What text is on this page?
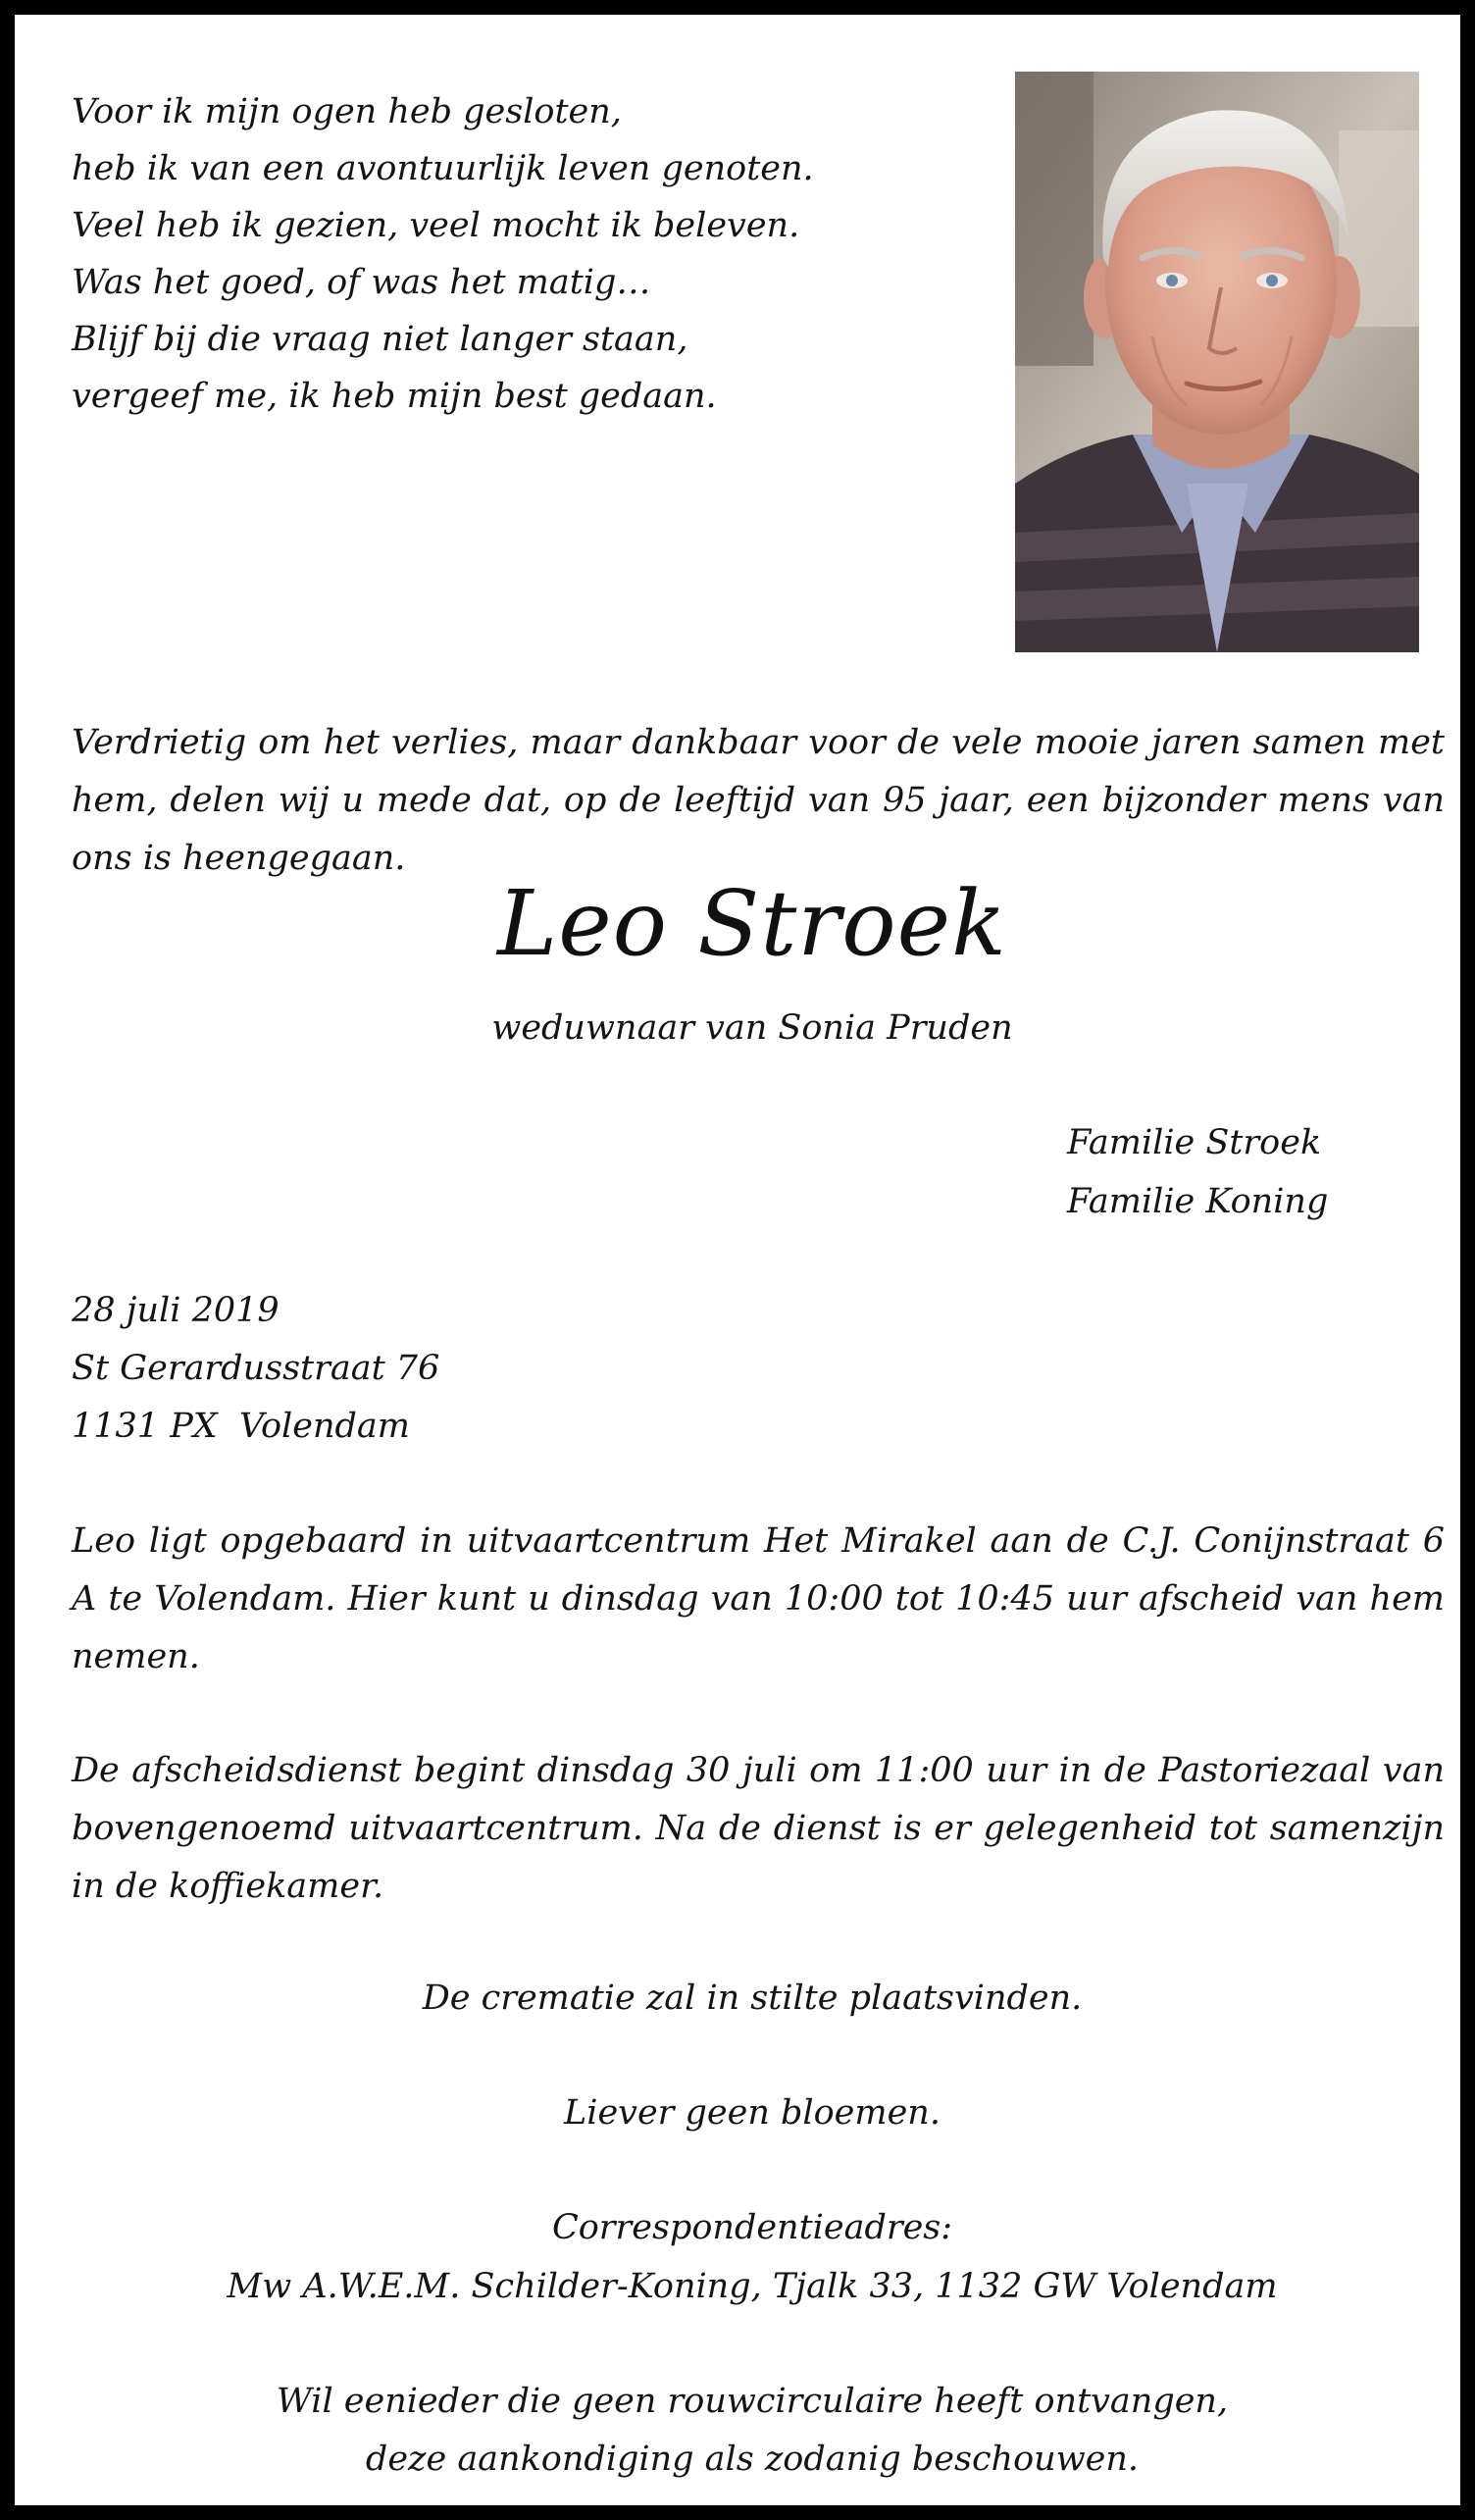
Voor ik mijn ogen heb gesloten,
heb ik van een avontuurlijk leven genoten.
Veel heb ik gezien, veel mocht ik beleven.
Was het goed, of was het matig…
Blijf bij die vraag niet langer staan,
vergeef me, ik heb mijn best gedaan.
Verdrietig om het verlies, maar dankbaar voor de vele mooie jaren samen met hem, delen wij u mede dat, op de leeftijd van 95 jaar, een bijzonder mens van ons is heengegaan.
Leo Stroek
weduwnaar van Sonia Pruden
Familie Stroek
Familie Koning
28 juli 2019
St Gerardusstraat 76
1131 PX  Volendam
Leo ligt opgebaard in uitvaartcentrum Het Mirakel aan de C.J. Conijnstraat 6 A te Volendam. Hier kunt u dinsdag van 10:00 tot 10:45 uur afscheid van hem nemen.
De afscheidsdienst begint dinsdag 30 juli om 11:00 uur in de Pastoriezaal van bovengenoemd uitvaartcentrum. Na de dienst is er gelegenheid tot samenzijn in de koffiekamer.
De crematie zal in stilte plaatsvinden.
Liever geen bloemen.
Correspondentieadres:
Mw A.W.E.M. Schilder-Koning, Tjalk 33, 1132 GW Volendam
Wil eenieder die geen rouwcirculaire heeft ontvangen,
deze aankondiging als zodanig beschouwen.
